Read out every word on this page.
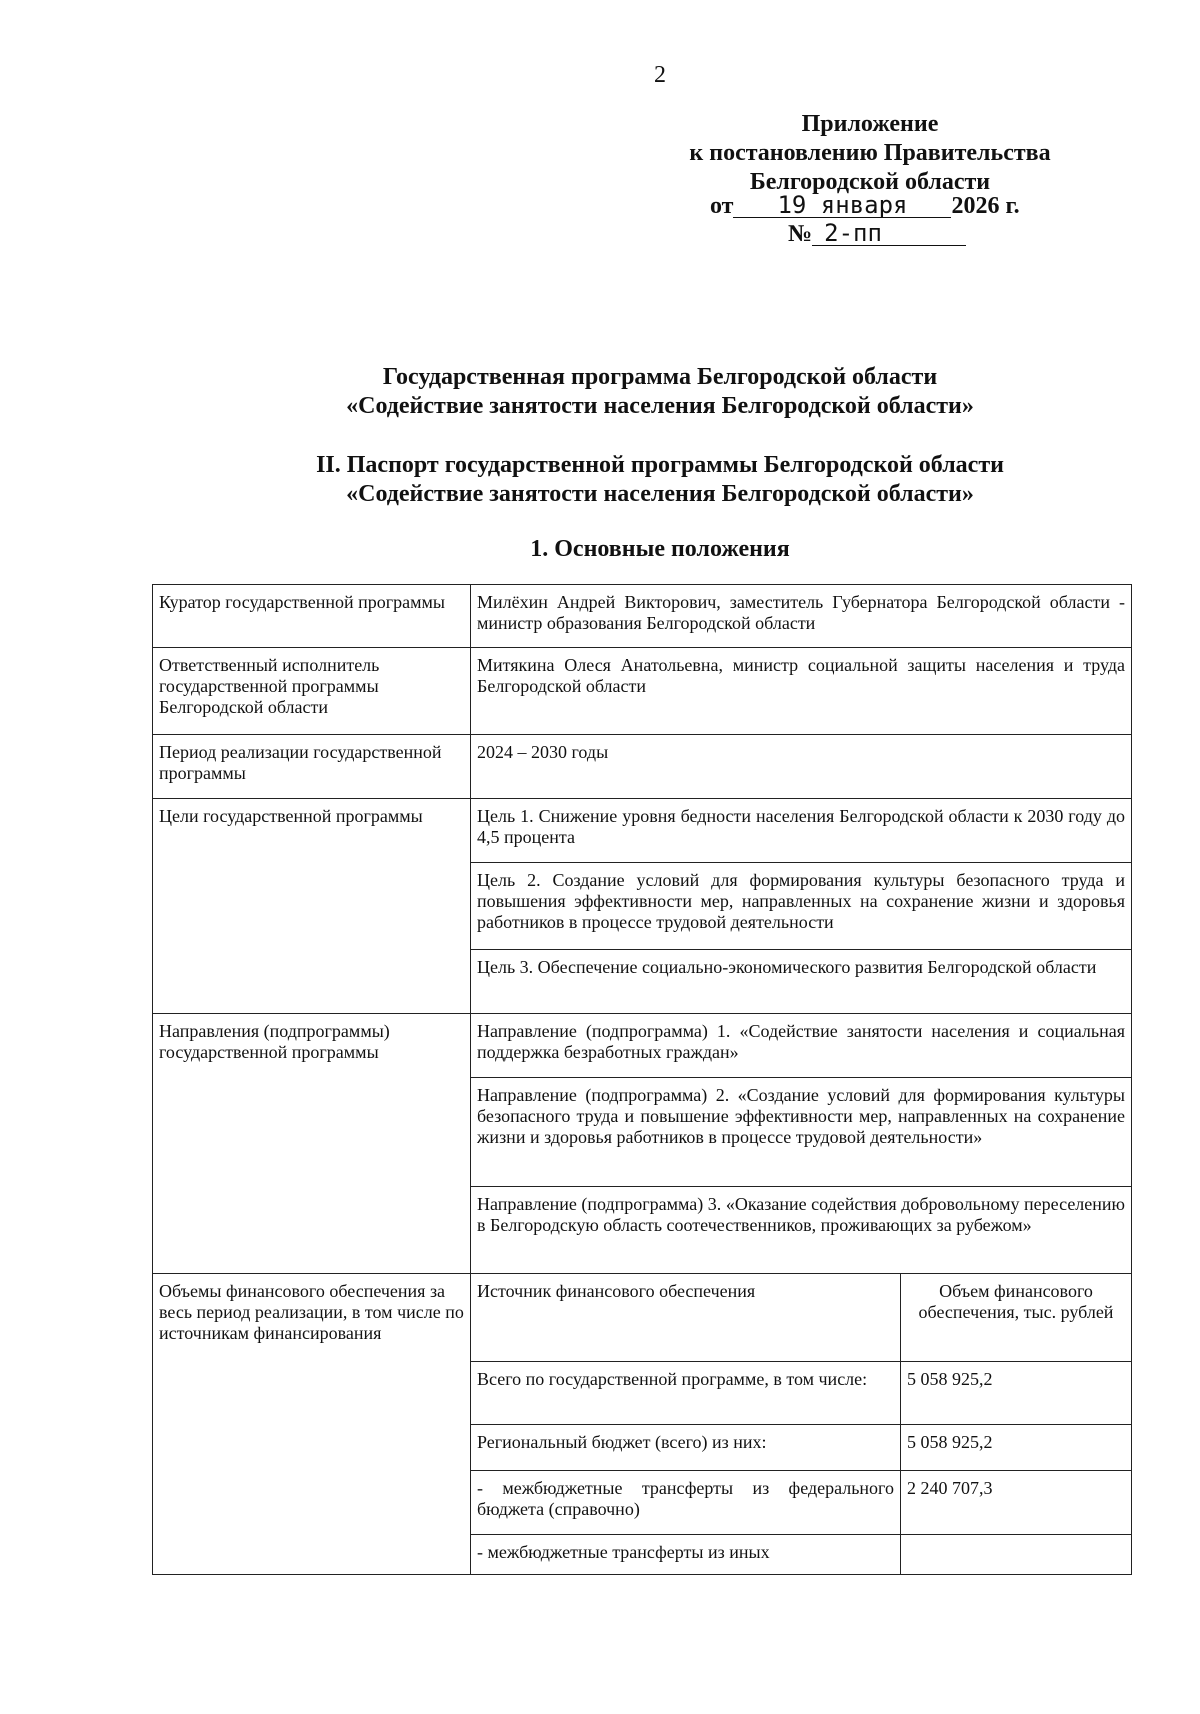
2
Приложение
к постановлению Правительства
Белгородской области
от 19 января 2026 г.
№ 2-пп
Государственная программа Белгородской области
«Содействие занятости населения Белгородской области»
II. Паспорт государственной программы Белгородской области
«Содействие занятости населения Белгородской области»
1. Основные положения
Куратор государственной программы	Милёхин Андрей Викторович, заместитель Губернатора Белгородской области - министр образования Белгородской области	
Ответственный исполнитель государственной программы Белгородской области	Митякина Олеся Анатольевна, министр социальной защиты населения и труда Белгородской области	
Период реализации государственной программы	2024 – 2030 годы	
Цели государственной программы	Цель 1. Снижение уровня бедности населения Белгородской области к 2030 году до 4,5 процента	
	Цель 2. Создание условий для формирования культуры безопасного труда и повышения эффективности мер, направленных на сохранение жизни и здоровья работников в процессе трудовой деятельности	
	Цель 3. Обеспечение социально-экономического развития Белгородской области	
Направления (подпрограммы) государственной программы	Направление (подпрограмма) 1. «Содействие занятости населения и социальная поддержка безработных граждан»	
	Направление (подпрограмма) 2. «Создание условий для формирования культуры безопасного труда и повышение эффективности мер, направленных на сохранение жизни и здоровья работников в процессе трудовой деятельности»	
	Направление (подпрограмма) 3. «Оказание содействия добровольному переселению в Белгородскую область соотечественников, проживающих за рубежом»	
Объемы финансового обеспечения за весь период реализации, в том числе по источникам финансирования	Источник финансового обеспечения	Объем финансового обеспечения, тыс. рублей
	Всего по государственной программе, в том числе:	5 058 925,2
	Региональный бюджет (всего) из них:	5 058 925,2
	- межбюджетные трансферты из федерального бюджета (справочно)	2 240 707,3
	- межбюджетные трансферты из иных	
